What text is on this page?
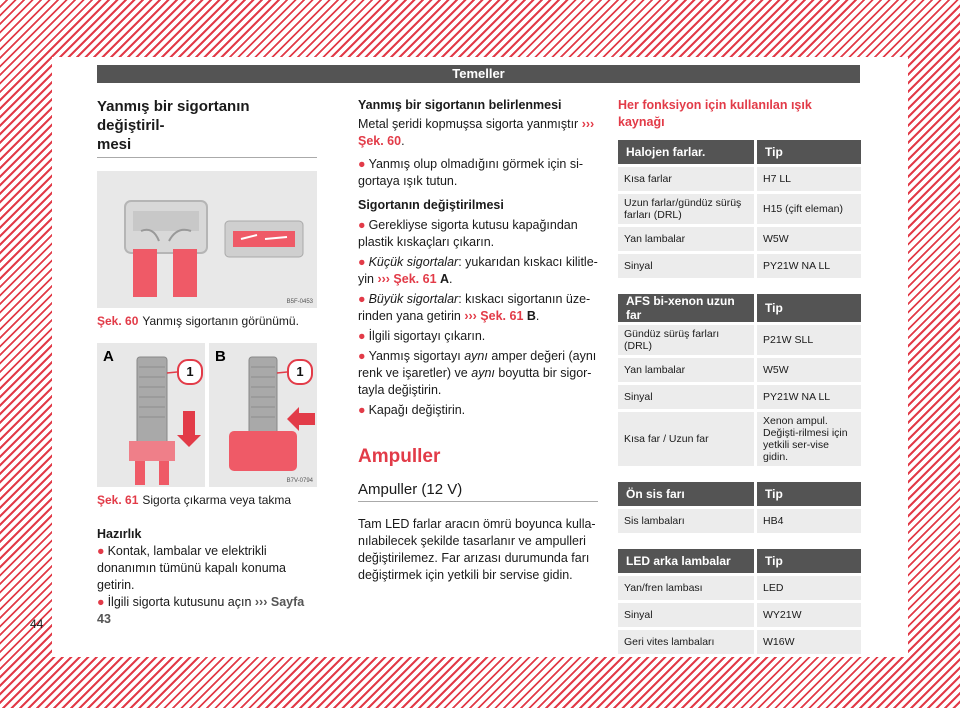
Temeller
44
Yanmış bir sigortanın değiştiril-
mesi
B5F-0453
Şek. 60 Yanmış sigortanın görünümü.
A
1
B
1
B7V-0794
Şek. 61 Sigorta çıkarma veya takma

Hazırlık

● Kontak, lambalar ve elektrikli donanımın tümünü kapalı konuma getirin.

● İlgili sigorta kutusunu açın ››› Sayfa 43

Yanmış bir sigortanın belirlenmesi

Metal şeridi kopmuşsa sigorta yanmıştır ››› Şek. 60.

● Yanmış olup olmadığını görmek için si-gortaya ışık tutun.

Sigortanın değiştirilmesi

● Gerekliyse sigorta kutusu kapağından plastik kıskaçları çıkarın.

● Küçük sigortalar: yukarıdan kıskacı kilitle-yin ››› Şek. 61 A.

● Büyük sigortalar: kıskacı sigortanın üze-rinden yana getirin ››› Şek. 61 B.

● İlgili sigortayı çıkarın.

● Yanmış sigortayı aynı amper değeri (aynı renk ve işaretler) ve aynı boyutta bir sigor-tayla değiştirin.

● Kapağı değiştirin.

Ampuller
Ampuller (12 V)

Tam LED farlar aracın ömrü boyunca kulla-nılabilecek şekilde tasarlanır ve ampulleri değiştirilemez. Far arızası durumunda farı değiştirmek için yetkili bir servise gidin.

Her fonksiyon için kullanılan ışık kaynağı

Halojen farlar.	Tip
Kısa farlar	H7 LL
Uzun farlar/gündüz sürüş farları (DRL)	H15 (çift eleman)
Yan lambalar	W5W
Sinyal	PY21W NA LL
AFS bi-xenon uzun far	Tip
Gündüz sürüş farları (DRL)	P21W SLL
Yan lambalar	W5W
Sinyal	PY21W NA LL
Kısa far / Uzun far	Xenon ampul. Değişti-rilmesi için yetkili ser-vise gidin.
Ön sis farı	Tip
Sis lambaları	HB4
LED arka lambalar	Tip
Yan/fren lambası	LED
Sinyal	WY21W
Geri vites lambaları	W16W
